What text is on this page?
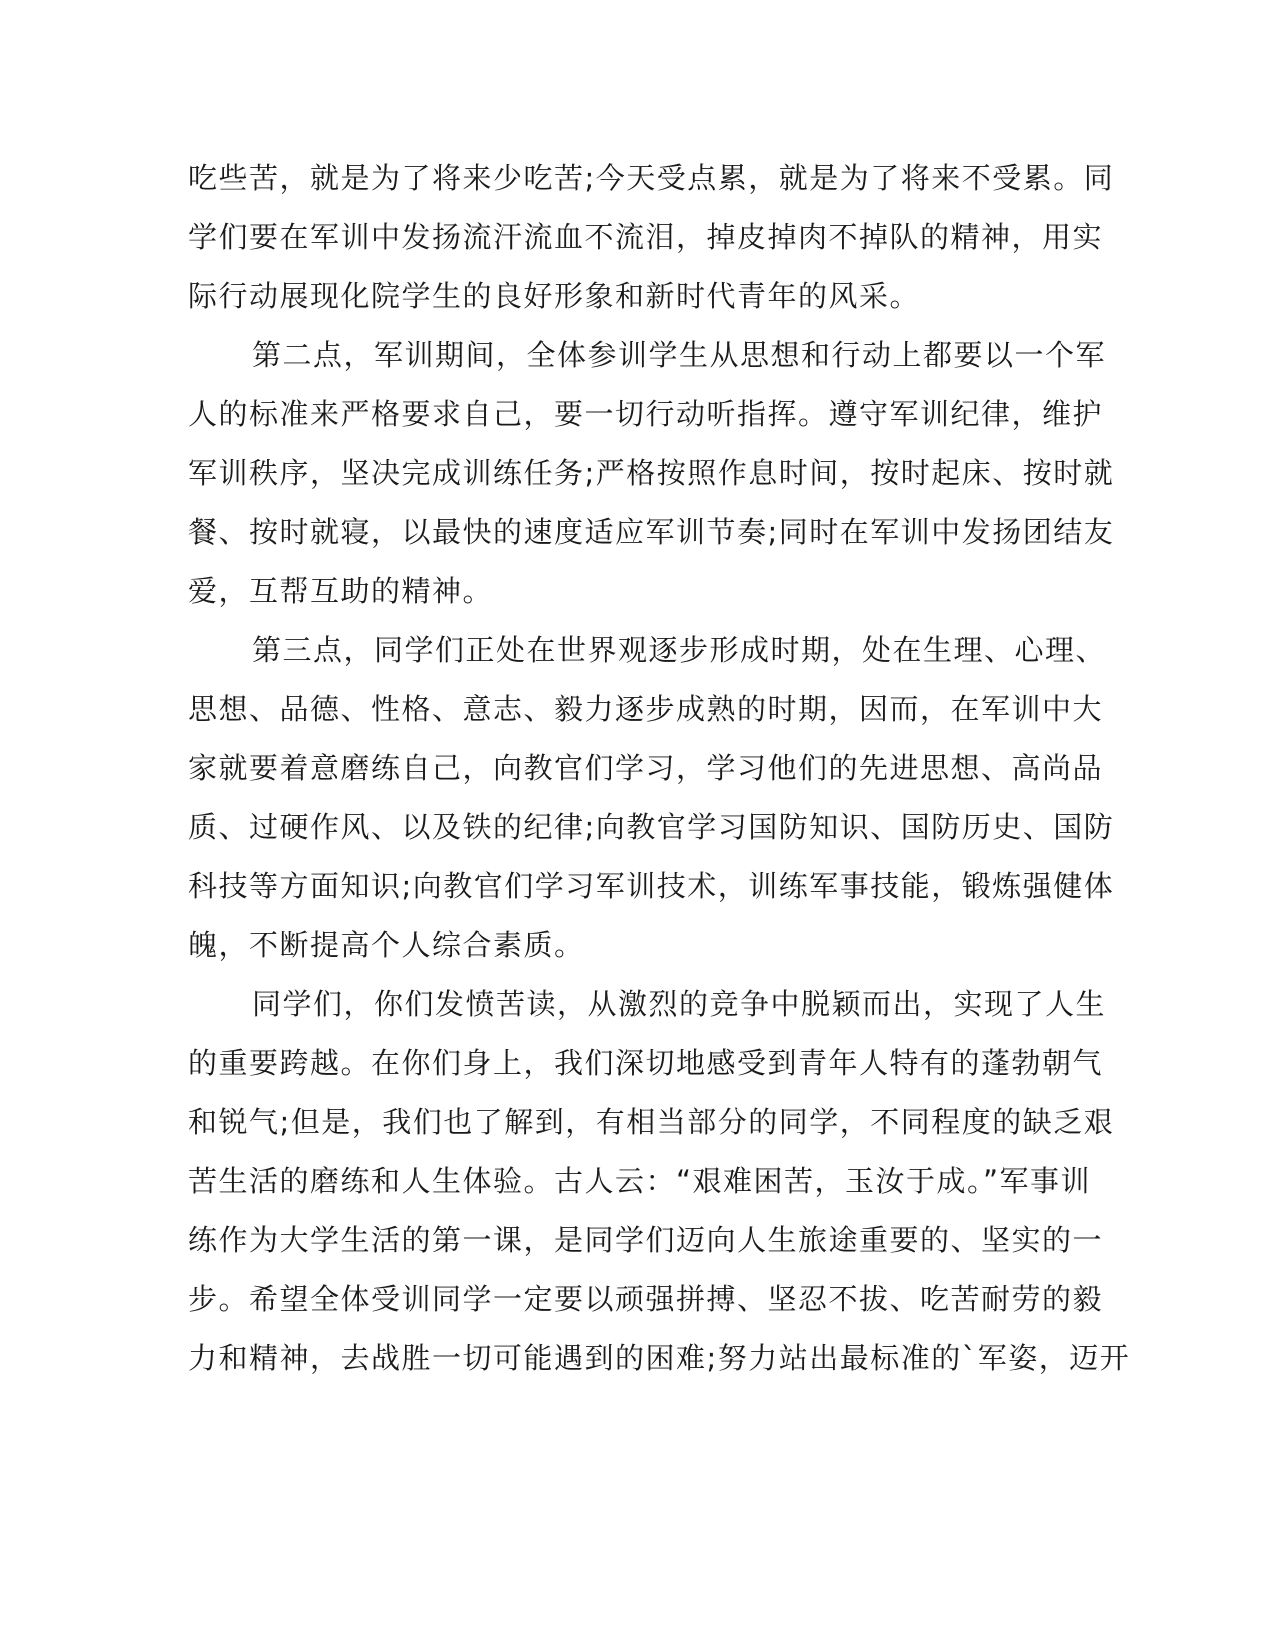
吃些苦，就是为了将来少吃苦;今天受点累，就是为了将来不受累。同
学们要在军训中发扬流汗流血不流泪，掉皮掉肉不掉队的精神，用实
际行动展现化院学生的良好形象和新时代青年的风采。
第二点，军训期间，全体参训学生从思想和行动上都要以一个军
人的标准来严格要求自己，要一切行动听指挥。遵守军训纪律，维护
军训秩序，坚决完成训练任务;严格按照作息时间，按时起床、按时就
餐、按时就寝，以最快的速度适应军训节奏;同时在军训中发扬团结友
爱，互帮互助的精神。
第三点，同学们正处在世界观逐步形成时期，处在生理、心理、
思想、品德、性格、意志、毅力逐步成熟的时期，因而，在军训中大
家就要着意磨练自己，向教官们学习，学习他们的先进思想、高尚品
质、过硬作风、以及铁的纪律;向教官学习国防知识、国防历史、国防
科技等方面知识;向教官们学习军训技术，训练军事技能，锻炼强健体
魄，不断提高个人综合素质。
同学们，你们发愤苦读，从激烈的竞争中脱颖而出，实现了人生
的重要跨越。在你们身上，我们深切地感受到青年人特有的蓬勃朝气
和锐气;但是，我们也了解到，有相当部分的同学，不同程度的缺乏艰
苦生活的磨练和人生体验。古人云：“艰难困苦，玉汝于成。”军事训
练作为大学生活的第一课，是同学们迈向人生旅途重要的、坚实的一
步。希望全体受训同学一定要以顽强拼搏、坚忍不拔、吃苦耐劳的毅
力和精神，去战胜一切可能遇到的困难;努力站出最标准的`军姿，迈开
